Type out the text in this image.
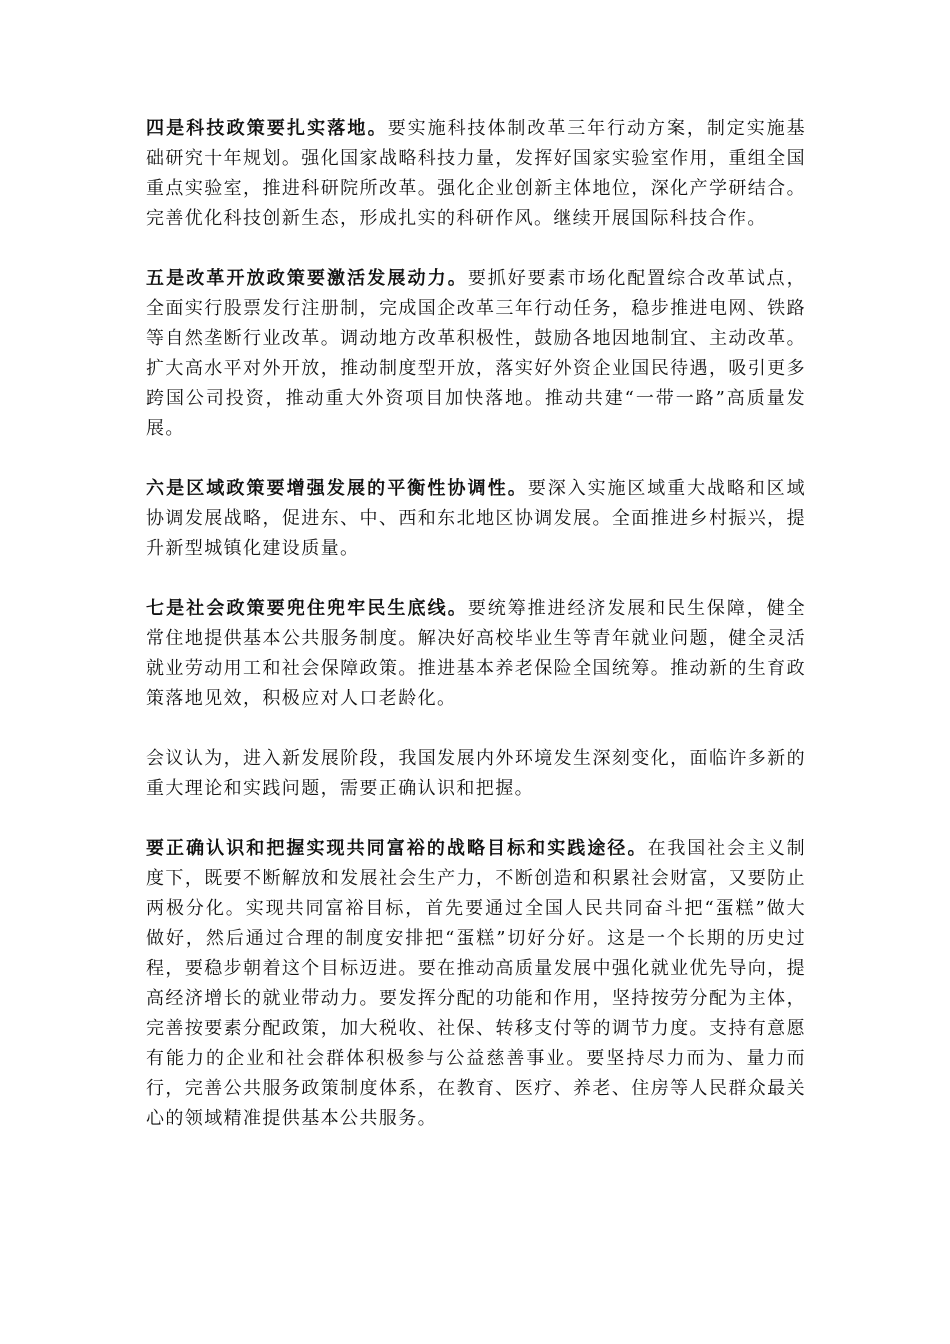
四是科技政策要扎实落地。要实施科技体制改革三年行动方案，制定实施基础研究十年规划。强化国家战略科技力量，发挥好国家实验室作用，重组全国重点实验室，推进科研院所改革。强化企业创新主体地位，深化产学研结合。完善优化科技创新生态，形成扎实的科研作风。继续开展国际科技合作。

五是改革开放政策要激活发展动力。要抓好要素市场化配置综合改革试点，全面实行股票发行注册制，完成国企改革三年行动任务，稳步推进电网、铁路等自然垄断行业改革。调动地方改革积极性，鼓励各地因地制宜、主动改革。扩大高水平对外开放，推动制度型开放，落实好外资企业国民待遇，吸引更多跨国公司投资，推动重大外资项目加快落地。推动共建“一带一路”高质量发展。

六是区域政策要增强发展的平衡性协调性。要深入实施区域重大战略和区域协调发展战略，促进东、中、西和东北地区协调发展。全面推进乡村振兴，提升新型城镇化建设质量。

七是社会政策要兜住兜牢民生底线。要统筹推进经济发展和民生保障，健全常住地提供基本公共服务制度。解决好高校毕业生等青年就业问题，健全灵活就业劳动用工和社会保障政策。推进基本养老保险全国统筹。推动新的生育政策落地见效，积极应对人口老龄化。

会议认为，进入新发展阶段，我国发展内外环境发生深刻变化，面临许多新的重大理论和实践问题，需要正确认识和把握。

要正确认识和把握实现共同富裕的战略目标和实践途径。在我国社会主义制度下，既要不断解放和发展社会生产力，不断创造和积累社会财富，又要防止两极分化。实现共同富裕目标，首先要通过全国人民共同奋斗把“蛋糕”做大做好，然后通过合理的制度安排把“蛋糕”切好分好。这是一个长期的历史过程，要稳步朝着这个目标迈进。要在推动高质量发展中强化就业优先导向，提高经济增长的就业带动力。要发挥分配的功能和作用，坚持按劳分配为主体，完善按要素分配政策，加大税收、社保、转移支付等的调节力度。支持有意愿有能力的企业和社会群体积极参与公益慈善事业。要坚持尽力而为、量力而行，完善公共服务政策制度体系，在教育、医疗、养老、住房等人民群众最关心的领域精准提供基本公共服务。
